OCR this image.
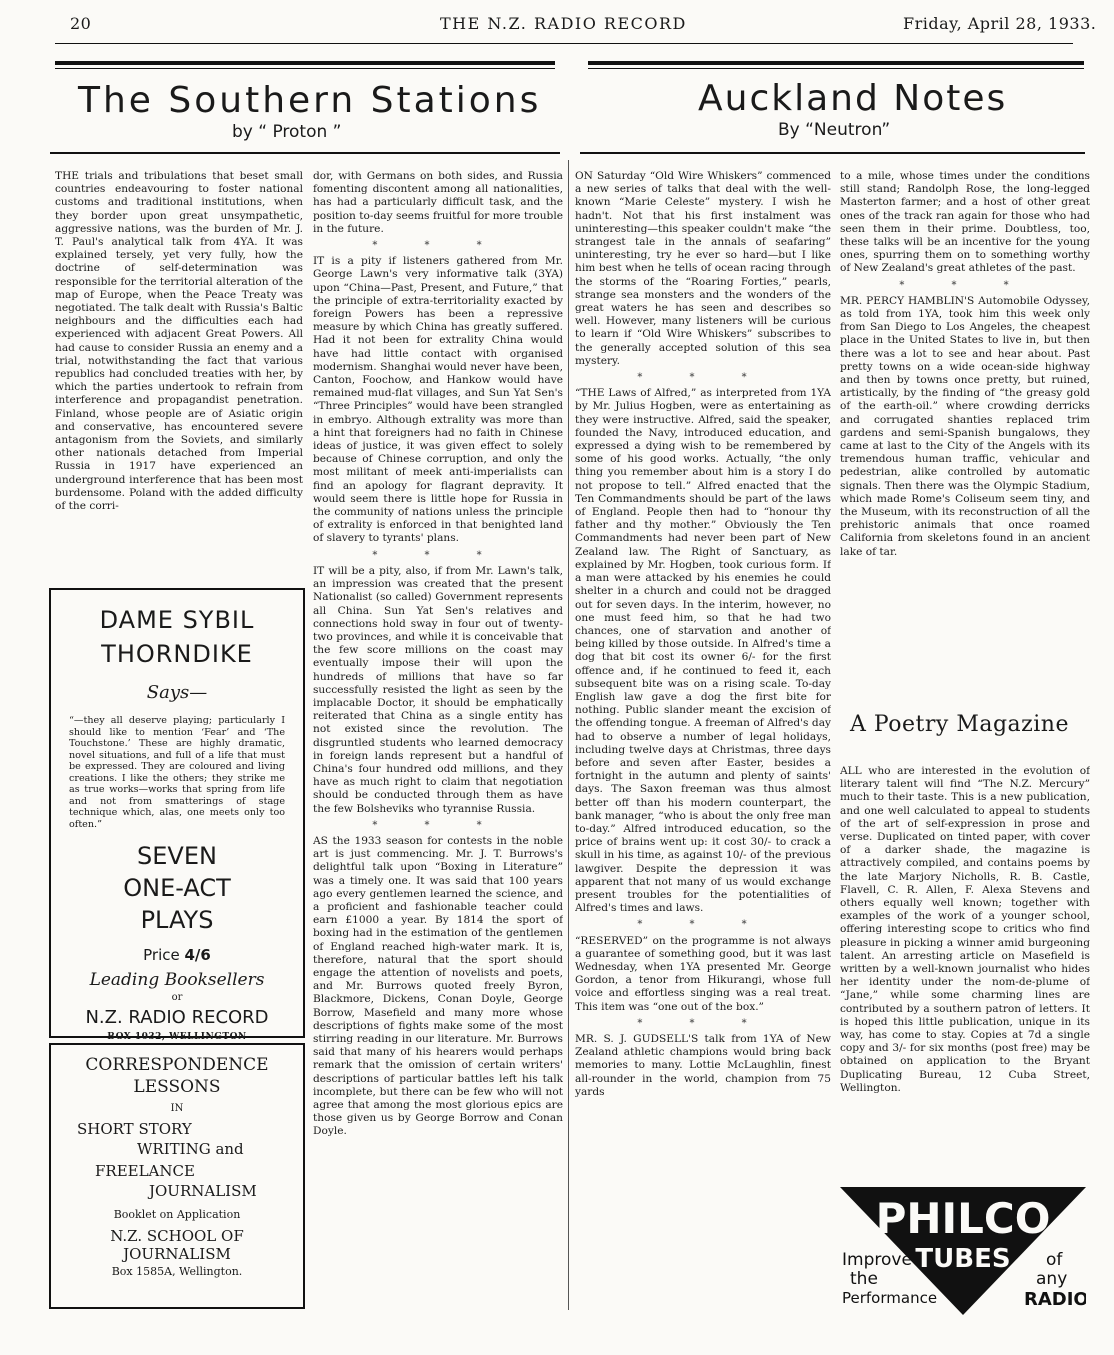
20	THE N.Z. RADIO RECORD	Friday, April 28, 1933.
The Southern Stations
by “ Proton ”
Auckland Notes
By “Neutron”

THE trials and tribulations that beset small countries endeavouring to foster national customs and traditional institutions, when they border upon great unsympathetic, aggressive nations, was the burden of Mr. J. T. Paul's analytical talk from 4YA. It was explained tersely, yet very fully, how the doctrine of self-determination was responsible for the territorial alteration of the map of Europe, when the Peace Treaty was negotiated. The talk dealt with Russia's Baltic neighbours and the difficulties each had experienced with adjacent Great Powers. All had cause to consider Russia an enemy and a trial, notwithstanding the fact that various republics had concluded treaties with her, by which the parties undertook to refrain from interference and propagandist penetration. Finland, whose people are of Asiatic origin and conservative, has encountered severe antagonism from the Soviets, and similarly other nationals detached from Imperial Russia in 1917 have experienced an underground interference that has been most burdensome. Poland with the added difficulty of the corri-

dor, with Germans on both sides, and Russia fomenting discontent among all nationalities, has had a particularly difficult task, and the position to-day seems fruitful for more trouble in the future.

* * *

IT is a pity if listeners gathered from Mr. George Lawn's very informative talk (3YA) upon “China—Past, Present, and Future,” that the principle of extra-territoriality exacted by foreign Powers has been a repressive measure by which China has greatly suffered. Had it not been for extrality China would have had little contact with organised modernism. Shanghai would never have been, Canton, Foochow, and Hankow would have remained mud-flat villages, and Sun Yat Sen's “Three Principles” would have been strangled in embryo. Although extrality was more than a hint that foreigners had no faith in Chinese ideas of justice, it was given effect to solely because of Chinese corruption, and only the most militant of meek anti-imperialists can find an apology for flagrant depravity. It would seem there is little hope for Russia in the community of nations unless the principle of extrality is enforced in that benighted land of slavery to tyrants' plans.

* * *

IT will be a pity, also, if from Mr. Lawn's talk, an impression was created that the present Nationalist (so called) Government represents all China. Sun Yat Sen's relatives and connections hold sway in four out of twenty-two provinces, and while it is conceivable that the few score millions on the coast may eventually impose their will upon the hundreds of millions that have so far successfully resisted the light as seen by the implacable Doctor, it should be emphatically reiterated that China as a single entity has not existed since the revolution. The disgruntled students who learned democracy in foreign lands represent but a handful of China's four hundred odd millions, and they have as much right to claim that negotiation should be conducted through them as have the few Bolsheviks who tyrannise Russia.

* * *

AS the 1933 season for contests in the noble art is just commencing. Mr. J. T. Burrows's delightful talk upon “Boxing in Literature” was a timely one. It was said that 100 years ago every gentlemen learned the science, and a proficient and fashionable teacher could earn £1000 a year. By 1814 the sport of boxing had in the estimation of the gentlemen of England reached high-water mark. It is, therefore, natural that the sport should engage the attention of novelists and poets, and Mr. Burrows quoted freely Byron, Blackmore, Dickens, Conan Doyle, George Borrow, Masefield and many more whose descriptions of fights make some of the most stirring reading in our literature. Mr. Burrows said that many of his hearers would perhaps remark that the omission of certain writers' descriptions of particular battles left his talk incomplete, but there can be few who will not agree that among the most glorious epics are those given us by George Borrow and Conan Doyle.

DAME SYBIL
THORNDIKE
Says—
“—they all deserve playing; particularly I should like to mention ‘Fear’ and ‘The Touchstone.’ These are highly dramatic, novel situations, and full of a life that must be expressed. They are coloured and living creations. I like the others; they strike me as true works—works that spring from life and not from smatterings of stage technique which, alas, one meets only too often.”
SEVEN
ONE-ACT
PLAYS
Price 4/6
Leading Booksellers
or
N.Z. RADIO RECORD
BOX 1032, WELLINGTON
CORRESPONDENCE
LESSONS
IN
SHORT STORY
WRITING and
FREELANCE
JOURNALISM
Booklet on Application
N.Z. SCHOOL OF
JOURNALISM
Box 1585A, Wellington.

ON Saturday “Old Wire Whiskers” commenced a new series of talks that deal with the well-known “Marie Celeste” mystery. I wish he hadn't. Not that his first instalment was uninteresting—this speaker couldn't make “the strangest tale in the annals of seafaring” uninteresting, try he ever so hard—but I like him best when he tells of ocean racing through the storms of the “Roaring Forties,” pearls, strange sea monsters and the wonders of the great waters he has seen and describes so well. However, many listeners will be curious to learn if “Old Wire Whiskers” subscribes to the generally accepted solution of this sea mystery.

* * *

“THE Laws of Alfred,” as interpreted from 1YA by Mr. Julius Hogben, were as entertaining as they were instructive. Alfred, said the speaker, founded the Navy, introduced education, and expressed a dying wish to be remembered by some of his good works. Actually, “the only thing you remember about him is a story I do not propose to tell.” Alfred enacted that the Ten Commandments should be part of the laws of England. People then had to “honour thy father and thy mother.” Obviously the Ten Commandments had never been part of New Zealand law. The Right of Sanctuary, as explained by Mr. Hogben, took curious form. If a man were attacked by his enemies he could shelter in a church and could not be dragged out for seven days. In the interim, however, no one must feed him, so that he had two chances, one of starvation and another of being killed by those outside. In Alfred's time a dog that bit cost its owner 6/- for the first offence and, if he continued to feed it, each subsequent bite was on a rising scale. To-day English law gave a dog the first bite for nothing. Public slander meant the excision of the offending tongue. A freeman of Alfred's day had to observe a number of legal holidays, including twelve days at Christmas, three days before and seven after Easter, besides a fortnight in the autumn and plenty of saints' days. The Saxon freeman was thus almost better off than his modern counterpart, the bank manager, “who is about the only free man to-day.” Alfred introduced education, so the price of brains went up: it cost 30/- to crack a skull in his time, as against 10/- of the previous lawgiver. Despite the depression it was apparent that not many of us would exchange present troubles for the potentialities of Alfred's times and laws.

* * *

“RESERVED” on the programme is not always a guarantee of something good, but it was last Wednesday, when 1YA presented Mr. George Gordon, a tenor from Hikurangi, whose full voice and effortless singing was a real treat. This item was “one out of the box.”

* * *

MR. S. J. GUDSELL'S talk from 1YA of New Zealand athletic champions would bring back memories to many. Lottie McLaughlin, finest all-rounder in the world, champion from 75 yards

to a mile, whose times under the conditions still stand; Randolph Rose, the long-legged Masterton farmer; and a host of other great ones of the track ran again for those who had seen them in their prime. Doubtless, too, these talks will be an incentive for the young ones, spurring them on to something worthy of New Zealand's great athletes of the past.

* * *

MR. PERCY HAMBLIN'S Automobile Odyssey, as told from 1YA, took him this week only from San Diego to Los Angeles, the cheapest place in the United States to live in, but then there was a lot to see and hear about. Past pretty towns on a wide ocean-side highway and then by towns once pretty, but ruined, artistically, by the finding of “the greasy gold of the earth-oil.” where crowding derricks and corrugated shanties replaced trim gardens and semi-Spanish bungalows, they came at last to the City of the Angels with its tremendous human traffic, vehicular and pedestrian, alike controlled by automatic signals. Then there was the Olympic Stadium, which made Rome's Coliseum seem tiny, and the Museum, with its reconstruction of all the prehistoric animals that once roamed California from skeletons found in an ancient lake of tar.

A Poetry Magazine

ALL who are interested in the evolution of literary talent will find “The N.Z. Mercury” much to their taste. This is a new publication, and one well calculated to appeal to students of the art of self-expression in prose and verse. Duplicated on tinted paper, with cover of a darker shade, the magazine is attractively compiled, and contains poems by the late Marjory Nicholls, R. B. Castle, Flavell, C. R. Allen, F. Alexa Stevens and others equally well known; together with examples of the work of a younger school, offering interesting scope to critics who find pleasure in picking a winner amid burgeoning talent. An arresting article on Masefield is written by a well-known journalist who hides her identity under the nom-de-plume of “Jane,” while some charming lines are contributed by a southern patron of letters. It is hoped this little publication, unique in its way, has come to stay. Copies at 7d a single copy and 3/- for six months (post free) may be obtained on application to the Bryant Duplicating Bureau, 12 Cuba Street, Wellington.

PHILCO
TUBES
Improve
the
Performance
of
any
RADIO
